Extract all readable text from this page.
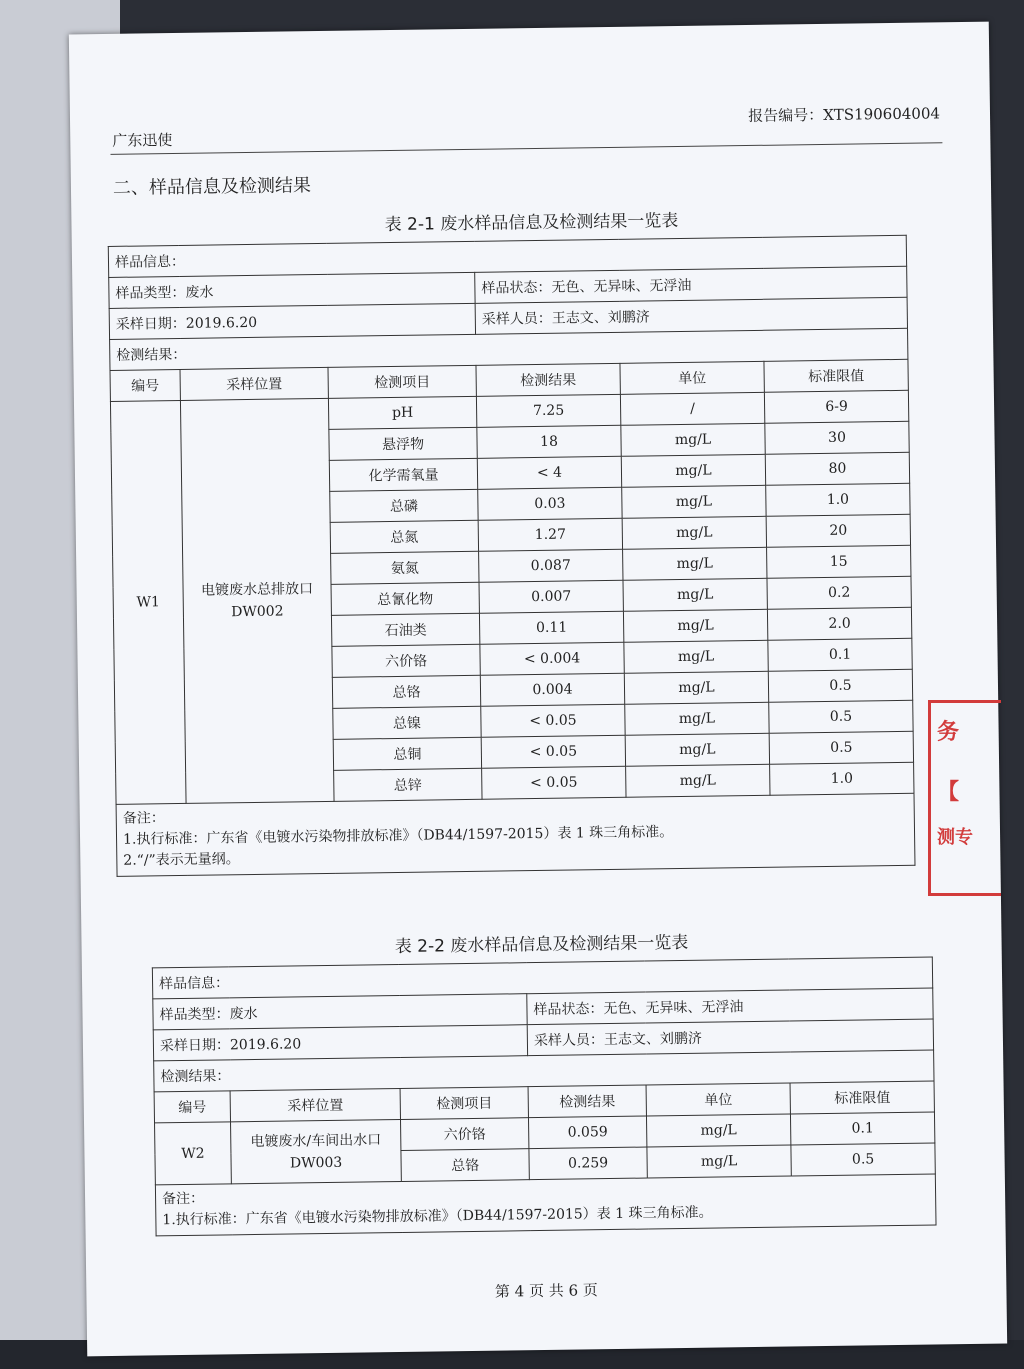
广东迅使
报告编号：XTS190604004
二、样品信息及检测结果
表 2-1 废水样品信息及检测结果一览表
样品信息：					
样品类型：废水			样品状态：无色、无异味、无浮油		
采样日期：2019.6.20			采样人员：王志文、刘鹏济		
检测结果：					
编号	采样位置	检测项目	检测结果	单位	标准限值
W1	电镀废水总排放口 DW002	pH	7.25	/	6-9
		悬浮物	18	mg/L	30
		化学需氧量	< 4	mg/L	80
		总磷	0.03	mg/L	1.0
		总氮	1.27	mg/L	20
		氨氮	0.087	mg/L	15
		总氰化物	0.007	mg/L	0.2
		石油类	0.11	mg/L	2.0
		六价铬	< 0.004	mg/L	0.1
		总铬	0.004	mg/L	0.5
		总镍	< 0.05	mg/L	0.5
		总铜	< 0.05	mg/L	0.5
		总锌	< 0.05	mg/L	1.0

备注：
1.执行标准：广东省《电镀水污染物排放标准》（DB44/1597-2015）表 1 珠三角标准。
2.“/”表示无量纲。					
表 2-2 废水样品信息及检测结果一览表
样品信息：					
样品类型：废水			样品状态：无色、无异味、无浮油		
采样日期：2019.6.20			采样人员：王志文、刘鹏济		
检测结果：					
编号	采样位置	检测项目	检测结果	单位	标准限值
W2	电镀废水/车间出水口 DW003	六价铬	0.059	mg/L	0.1
		总铬	0.259	mg/L	0.5

备注：
1.执行标准：广东省《电镀水污染物排放标准》（DB44/1597-2015）表 1 珠三角标准。					
第 4 页 共 6 页
务
【
测专
